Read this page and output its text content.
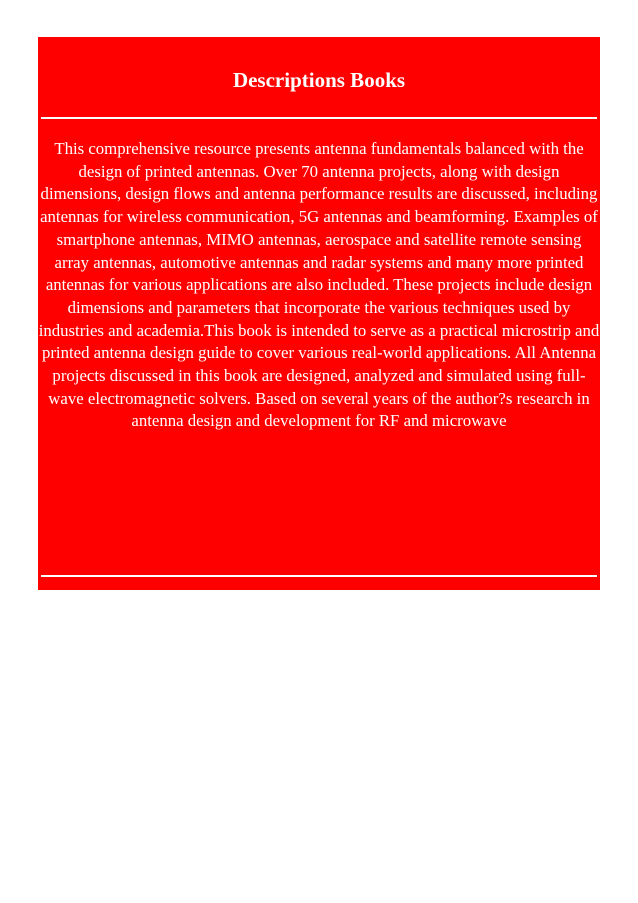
Descriptions Books

This comprehensive resource presents antenna fundamentals balanced with the design of printed antennas. Over 70 antenna projects, along with design dimensions, design flows and antenna performance results are discussed, including antennas for wireless communication, 5G antennas and beamforming. Examples of smartphone antennas, MIMO antennas, aerospace and satellite remote sensing array antennas, automotive antennas and radar systems and many more printed antennas for various applications are also included. These projects include design dimensions and parameters that incorporate the various techniques used by industries and academia.This book is intended to serve as a practical microstrip and printed antenna design guide to cover various real-world applications. All Antenna projects discussed in this book are designed, analyzed and simulated using full-wave electromagnetic solvers. Based on several years of the author?s research in antenna design and development for RF and microwave
